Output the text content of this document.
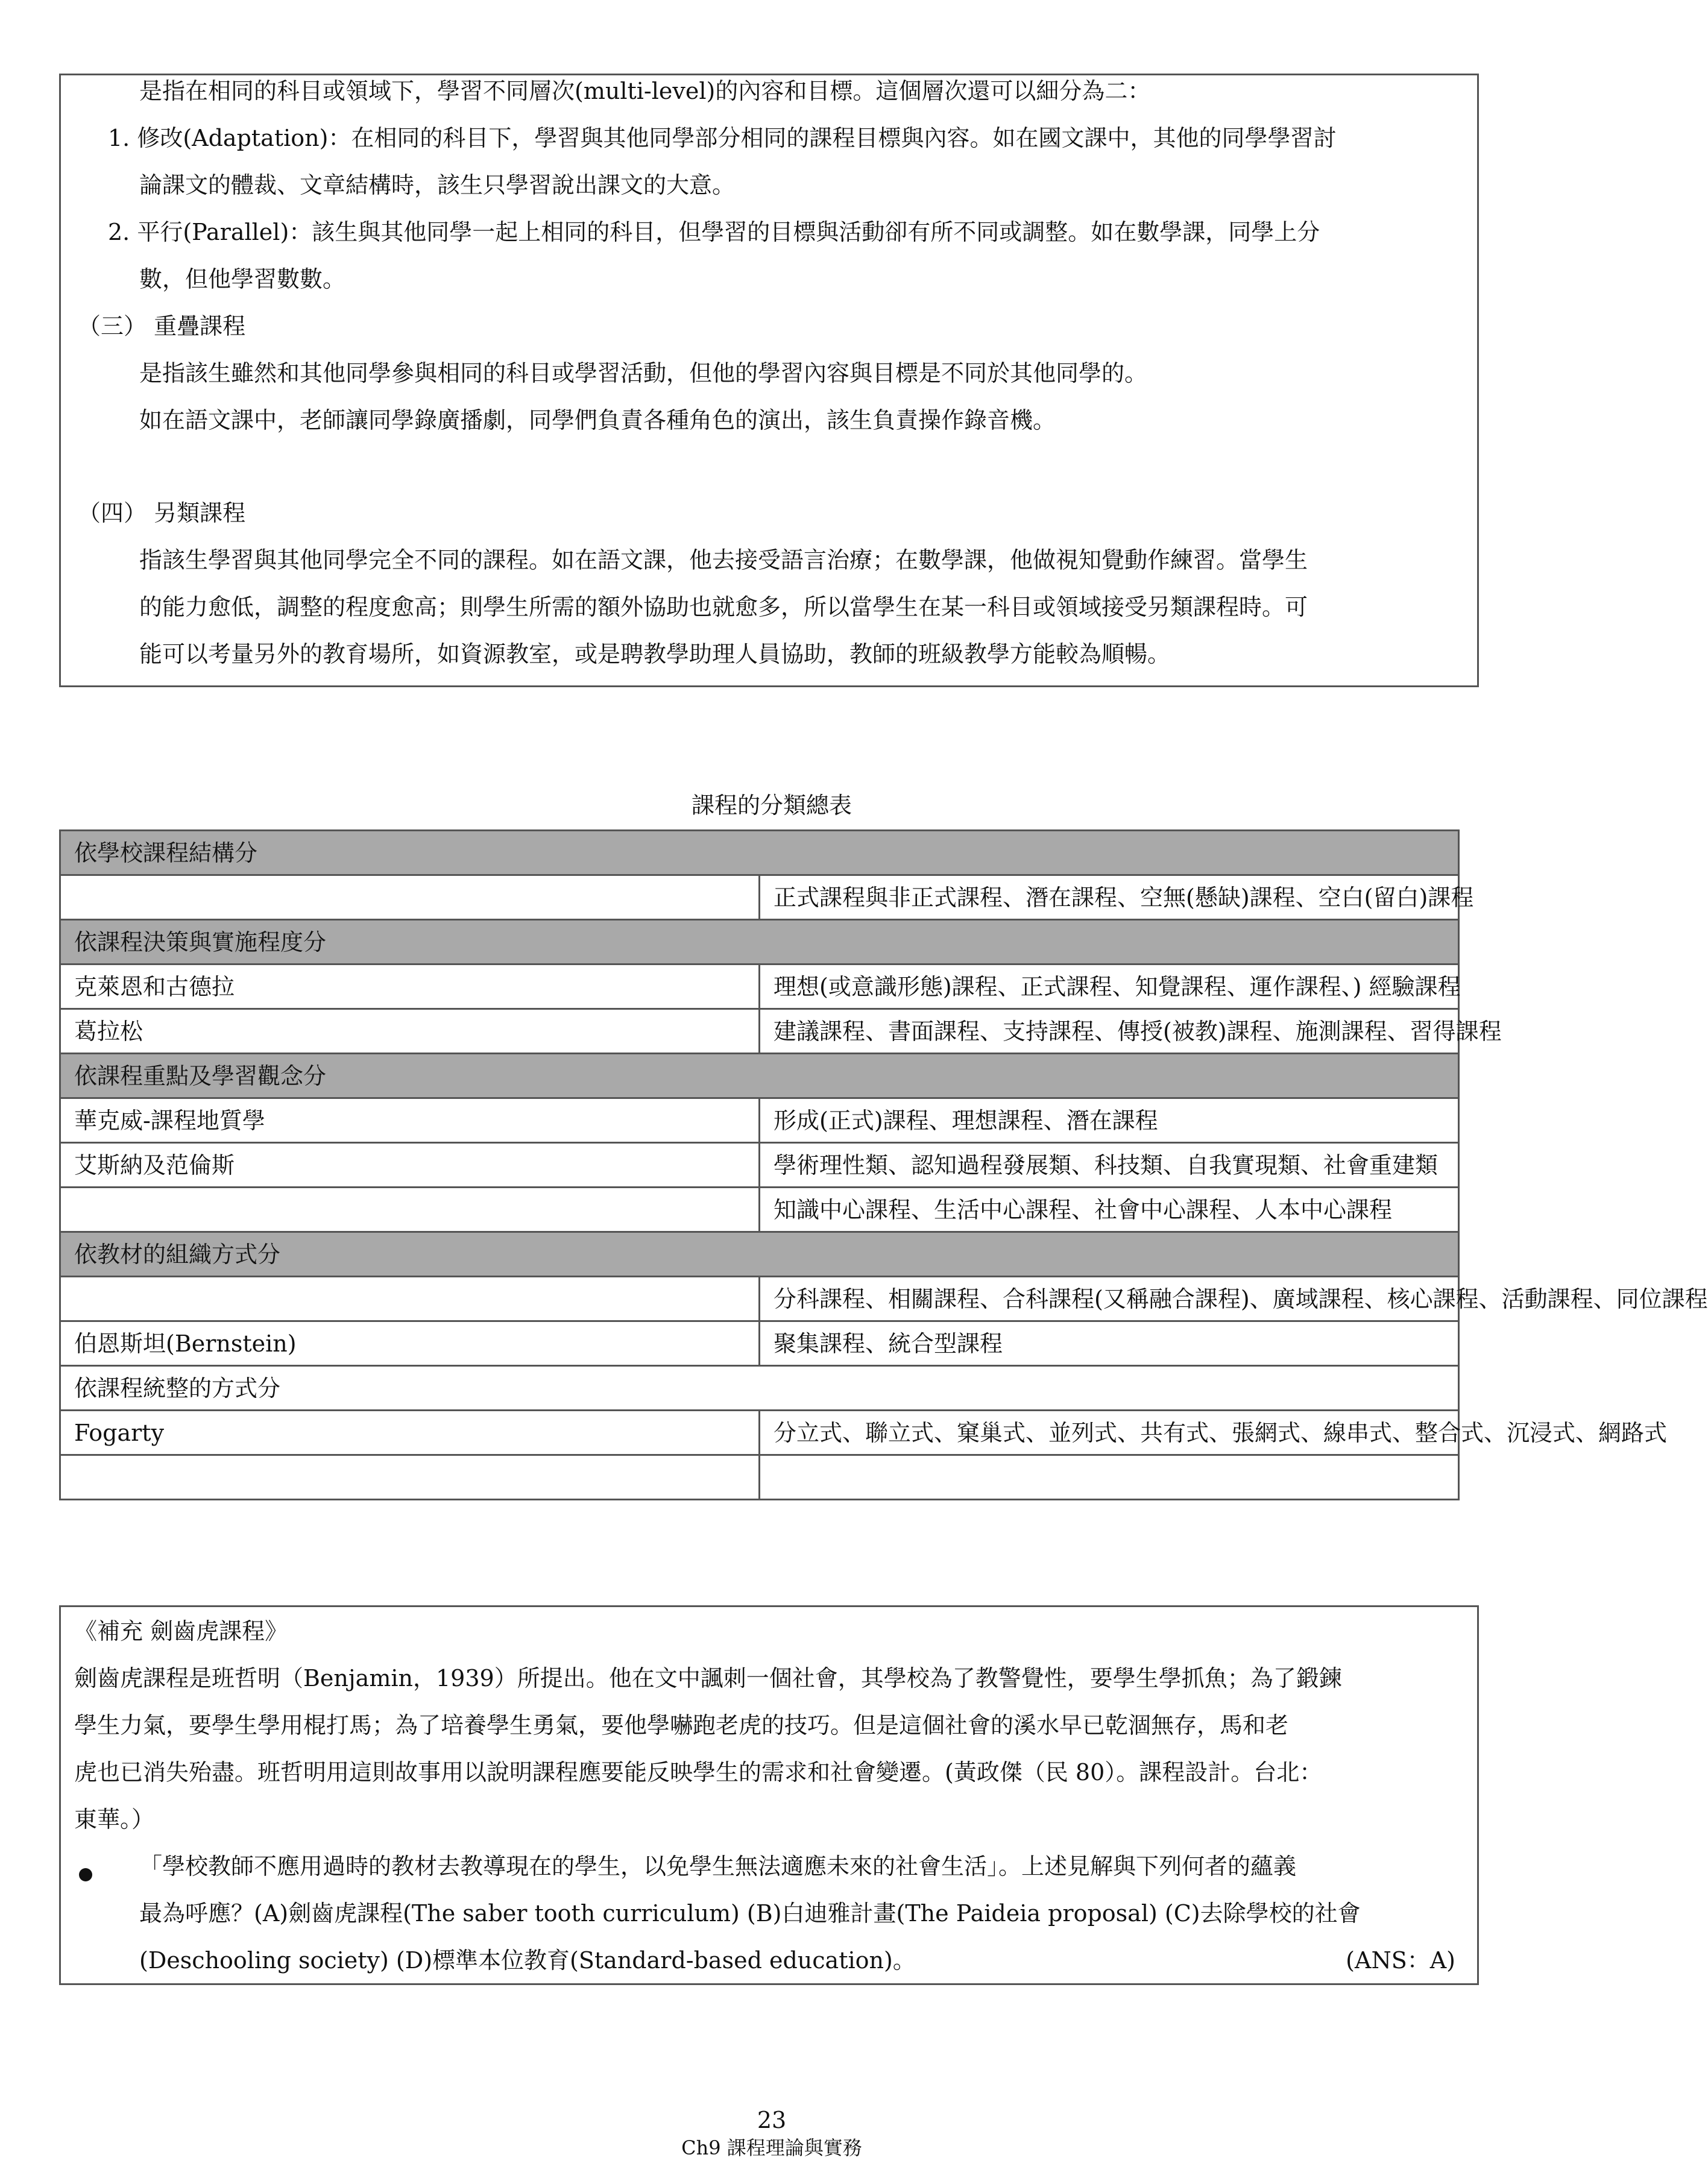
是指在相同的科目或領域下，學習不同層次(multi-level)的內容和目標。這個層次還可以細分為二：
1. 修改(Adaptation)：在相同的科目下，學習與其他同學部分相同的課程目標與內容。如在國文課中，其他的同學學習討
論課文的體裁、文章結構時，該生只學習說出課文的大意。
2. 平行(Parallel)：該生與其他同學一起上相同的科目，但學習的目標與活動卻有所不同或調整。如在數學課，同學上分
數，但他學習數數。
（三） 重疊課程
是指該生雖然和其他同學參與相同的科目或學習活動，但他的學習內容與目標是不同於其他同學的。
如在語文課中，老師讓同學錄廣播劇，同學們負責各種角色的演出，該生負責操作錄音機。
（四） 另類課程
指該生學習與其他同學完全不同的課程。如在語文課，他去接受語言治療；在數學課，他做視知覺動作練習。當學生
的能力愈低，調整的程度愈高；則學生所需的額外協助也就愈多，所以當學生在某一科目或領域接受另類課程時。可
能可以考量另外的教育場所，如資源教室，或是聘教學助理人員協助，教師的班級教學方能較為順暢。
課程的分類總表
依學校課程結構分	
	正式課程與非正式課程、潛在課程、空無(懸缺)課程、空白(留白)課程
依課程決策與實施程度分	
克萊恩和古德拉	理想(或意識形態)課程、正式課程、知覺課程、運作課程、) 經驗課程
葛拉松	建議課程、書面課程、支持課程、傳授(被教)課程、施測課程、習得課程
依課程重點及學習觀念分	
華克威-課程地質學	形成(正式)課程、理想課程、潛在課程
艾斯納及范倫斯	學術理性類、認知過程發展類、科技類、自我實現類、社會重建類
	知識中心課程、生活中心課程、社會中心課程、人本中心課程
依教材的組織方式分	
	分科課程、相關課程、合科課程(又稱融合課程)、廣域課程、核心課程、活動課程、同位課程
伯恩斯坦(Bernstein)	聚集課程、統合型課程
依課程統整的方式分	
Fogarty	分立式、聯立式、窠巢式、並列式、共有式、張網式、線串式、整合式、沉浸式、網路式

《補充 劍齒虎課程》
劍齒虎課程是班哲明（Benjamin，1939）所提出。他在文中諷刺一個社會，其學校為了教警覺性，要學生學抓魚；為了鍛鍊
學生力氣，要學生學用棍打馬；為了培養學生勇氣，要他學嚇跑老虎的技巧。但是這個社會的溪水早已乾涸無存，馬和老
虎也已消失殆盡。班哲明用這則故事用以說明課程應要能反映學生的需求和社會變遷。(黃政傑（民 80）。課程設計。台北：
東華。）
「學校教師不應用過時的教材去教導現在的學生，以免學生無法適應未來的社會生活」。上述見解與下列何者的蘊義
最為呼應？(A)劍齒虎課程(The saber tooth curriculum) (B)白迪雅計畫(The Paideia proposal) (C)去除學校的社會
(Deschooling society) (D)標準本位教育(Standard-based education)。	(ANS：A)
23
Ch9 課程理論與實務
